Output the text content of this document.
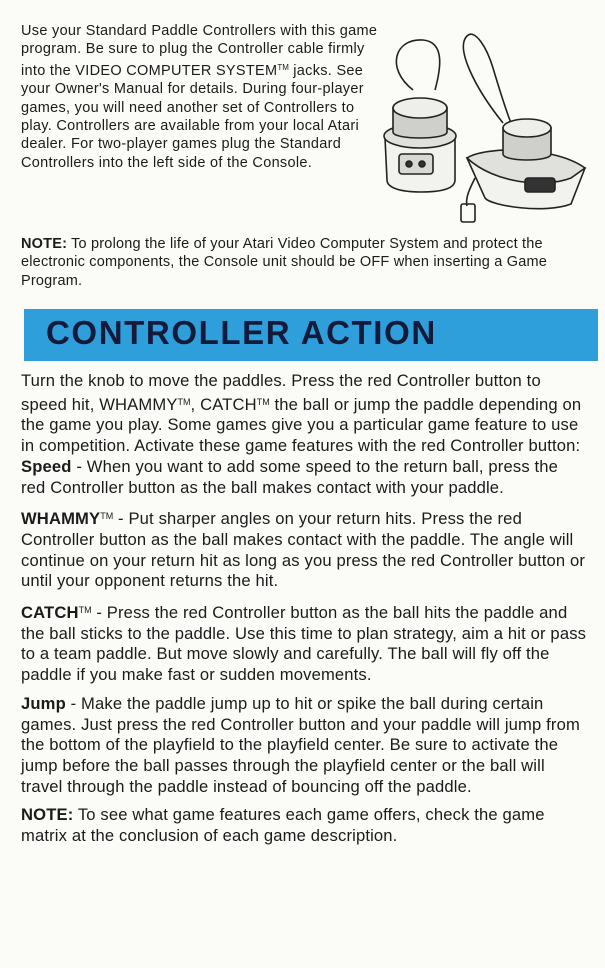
Use your Standard Paddle Controllers with this game program. Be sure to plug the Controller cable firmly into the VIDEO COMPUTER SYSTEM™ jacks. See your Owner's Manual for details. During four-player games, you will need another set of Controllers to play. Controllers are available from your local Atari dealer. For two-player games plug the Standard Controllers into the left side of the Console.
NOTE: To prolong the life of your Atari Video Computer System and protect the electronic components, the Console unit should be OFF when inserting a Game Program.
CONTROLLER ACTION

Turn the knob to move the paddles. Press the red Controller button to speed hit, WHAMMY™, CATCH™ the ball or jump the paddle depending on the game you play. Some games give you a particular game feature to use in competition. Activate these game features with the red Controller button:
Speed - When you want to add some speed to the return ball, press the red Controller button as the ball makes contact with your paddle.

WHAMMY™ - Put sharper angles on your return hits. Press the red Controller button as the ball makes contact with the paddle. The angle will continue on your return hit as long as you press the red Controller button or until your opponent returns the hit.

CATCH™ - Press the red Controller button as the ball hits the paddle and the ball sticks to the paddle. Use this time to plan strategy, aim a hit or pass to a team paddle. But move slowly and carefully. The ball will fly off the paddle if you make fast or sudden movements.

Jump - Make the paddle jump up to hit or spike the ball during certain games. Just press the red Controller button and your paddle will jump from the bottom of the playfield to the playfield center. Be sure to activate the jump before the ball passes through the playfield center or the ball will travel through the paddle instead of bouncing off the paddle.

NOTE: To see what game features each game offers, check the game matrix at the conclusion of each game description.
